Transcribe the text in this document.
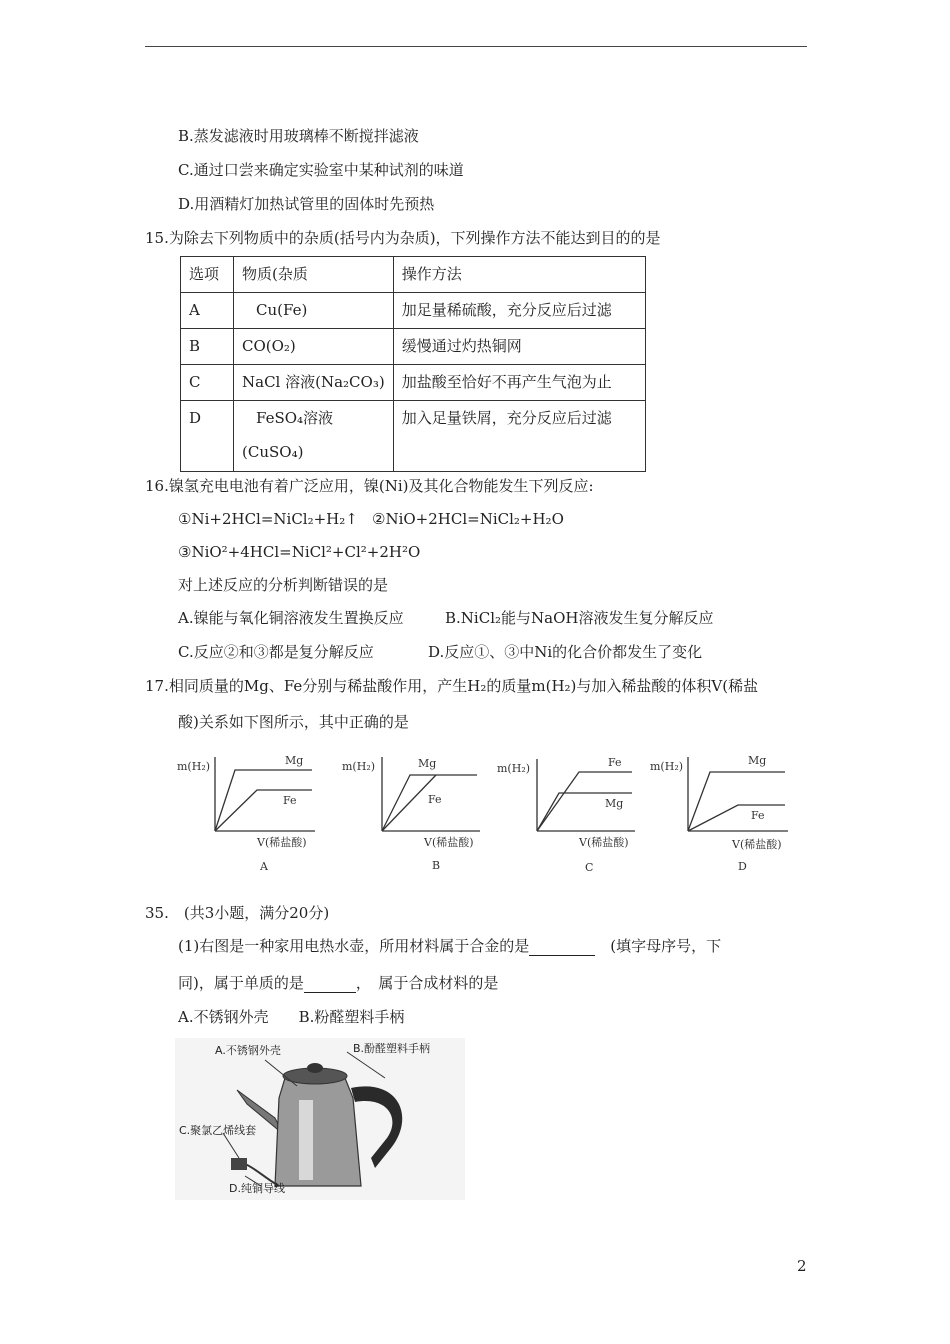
B.蒸发滤液时用玻璃棒不断搅拌滤液
C.通过口尝来确定实验室中某种试剂的味道
D.用酒精灯加热试管里的固体时先预热
15.为除去下列物质中的杂质(括号内为杂质)，下列操作方法不能达到目的的是
选项	物质(杂质	操作方法
A	Cu(Fe)	加足量稀硫酸，充分反应后过滤
B	CO(O₂)	缓慢通过灼热铜网
C	NaCl 溶液(Na₂CO₃)	加盐酸至恰好不再产生气泡为止
D	FeSO₄溶液
(CuSO₄)	加入足量铁屑，充分反应后过滤
16.镍氢充电电池有着广泛应用，镍(Ni)及其化合物能发生下列反应:
①Ni+2HCl=NiCl₂+H₂↑ ②NiO+2HCl=NiCl₂+H₂O
③NiO²+4HCl=NiCl²+Cl²+2H²O
对上述反应的分析判断错误的是
A.镍能与氧化铜溶液发生置换反应	B.NiCl₂能与NaOH溶液发生复分解反应
C.反应②和③都是复分解反应	D.反应①、③中Ni的化合价都发生了变化
17.相同质量的Mg、Fe分别与稀盐酸作用，产生H₂的质量m(H₂)与加入稀盐酸的体积V(稀盐
酸)关系如下图所示，其中正确的是
m(H₂)	Mg
Fe
V(稀盐酸)
A
m(H₂)	Mg
Fe
V(稀盐酸)
B
m(H₂)	Fe
Mg
V(稀盐酸)
C
m(H₂)	Mg
Fe
V(稀盐酸)
D
35.　(共3小题，满分20分)
(1)右图是一种家用电热水壶，所用材料属于合金的是　	(填字母序号，下
同)，属于单质的是	，　属于合成材料的是
A.不锈钢外壳　　B.粉醛塑料手柄
A.不锈钢外壳	B.酚醛塑料手柄
C.聚氯乙烯线套
D.纯铜导线
2
